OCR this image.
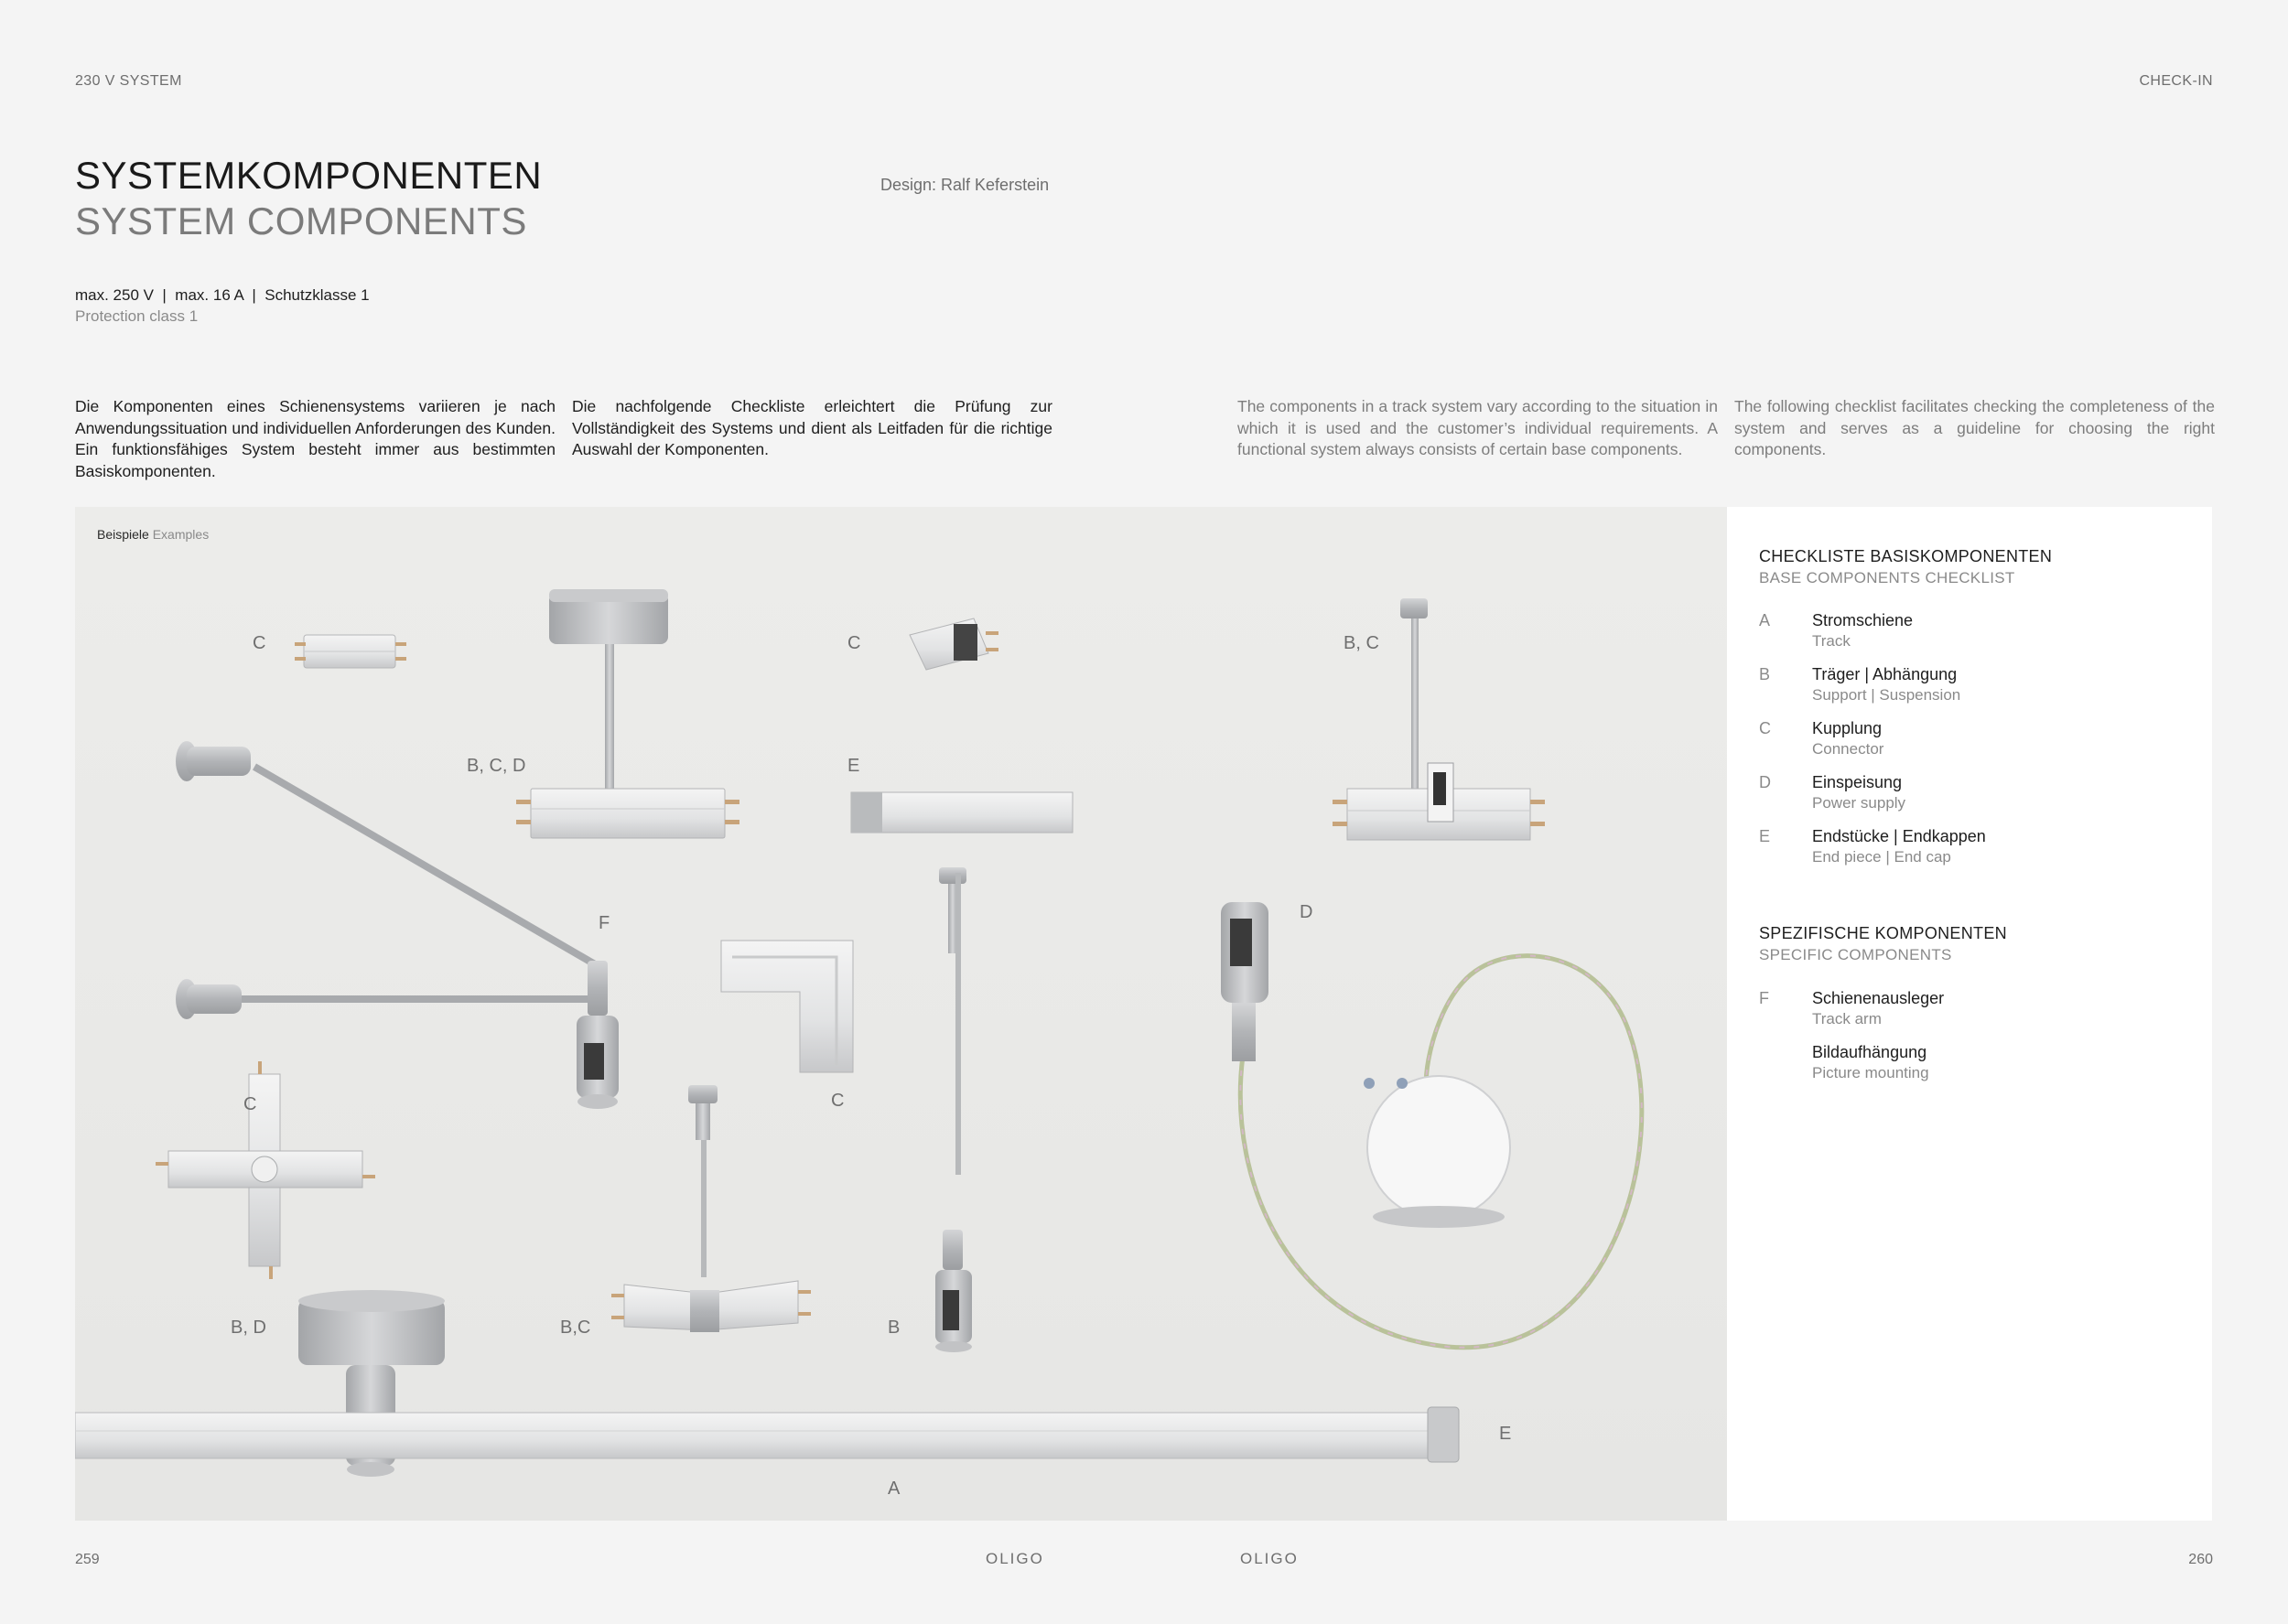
230 V SYSTEM	CHECK-IN
SYSTEMKOMPONENTEN
SYSTEM COMPONENTS
Design: Ralf Keferstein
max. 250 V  |  max. 16 A  |  Schutzklasse 1
Protection class 1
Die Komponenten eines Schienensystems variieren je nach Anwendungssituation und individuellen Anforderungen des Kunden. Ein funktionsfähiges System besteht immer aus bestimmten Basiskomponenten.
Die nachfolgende Checkliste erleichtert die Prüfung zur Vollständigkeit des Systems und dient als Leitfaden für die richtige Auswahl der Komponenten.
The components in a track system vary according to the situation in which it is used and the customer’s individual requirements. A functional system always consists of certain base components.
The following checklist facilitates checking the completeness of the system and serves as a guideline for choosing the right components.
Beispiele Examples
C
B, C, D
C
E
B, C
F
D
C	C
B, D	B,C	B
E
A
CHECKLISTE BASISKOMPONENTEN
BASE COMPONENTS CHECKLIST
A	Stromschiene
Track
B	Träger | Abhängung
Support | Suspension
C	Kupplung
Connector
D	Einspeisung
Power supply
E	Endstücke | Endkappen
End piece | End cap
SPEZIFISCHE KOMPONENTEN
SPECIFIC COMPONENTS
F	Schienenausleger
Track arm
Bildaufhängung
Picture mounting
259	OLIGO	OLIGO	260
